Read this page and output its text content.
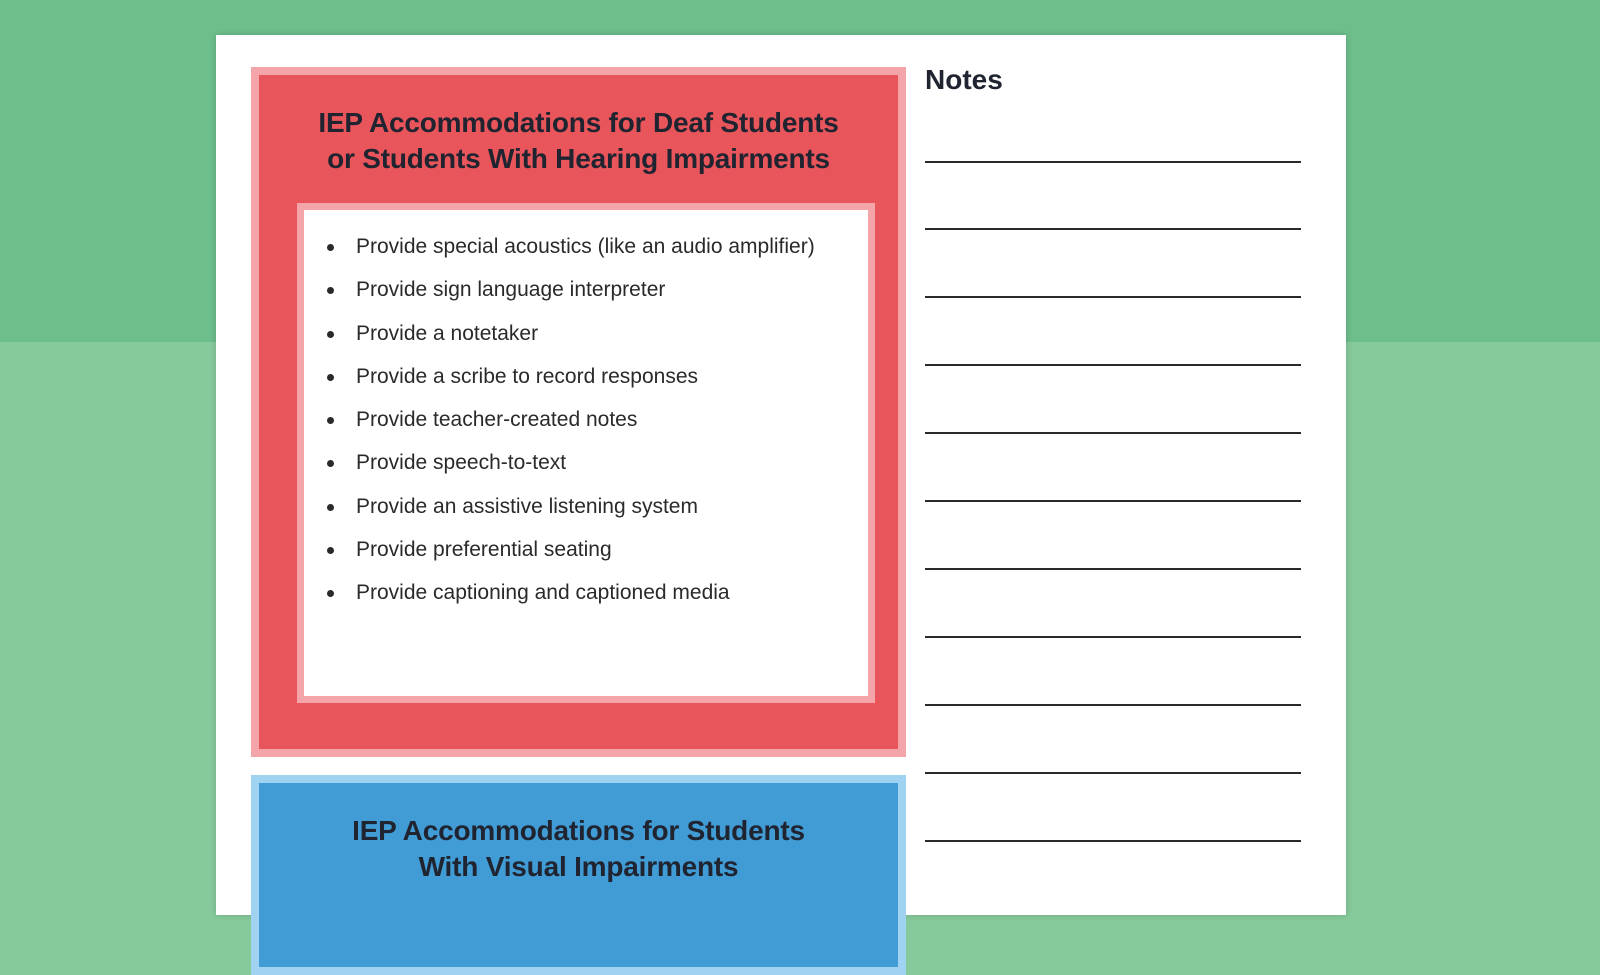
IEP Accommodations for Deaf Students
or Students With Hearing Impairments
Provide special acoustics (like an audio amplifier)
Provide sign language interpreter
Provide a notetaker
Provide a scribe to record responses
Provide teacher-created notes
Provide speech-to-text
Provide an assistive listening system
Provide preferential seating
Provide captioning and captioned media
IEP Accommodations for Students
With Visual Impairments
Notes
